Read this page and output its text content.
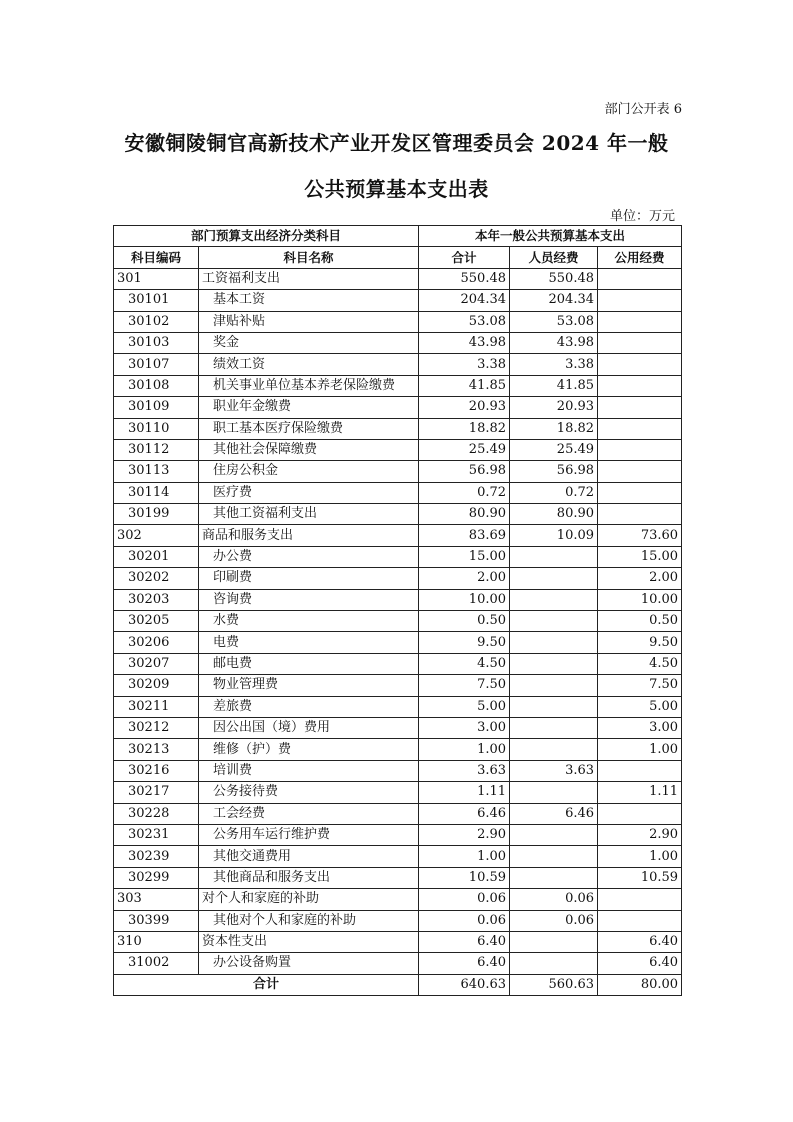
部门公开表 6
安徽铜陵铜官高新技术产业开发区管理委员会 2024 年一般
公共预算基本支出表
单位：万元
部门预算支出经济分类科目		本年一般公共预算基本支出		
科目编码	科目名称	合计	人员经费	公用经费
301	工资福利支出	550.48	550.48	
30101	基本工资	204.34	204.34	
30102	津贴补贴	53.08	53.08	
30103	奖金	43.98	43.98	
30107	绩效工资	3.38	3.38	
30108	机关事业单位基本养老保险缴费	41.85	41.85	
30109	职业年金缴费	20.93	20.93	
30110	职工基本医疗保险缴费	18.82	18.82	
30112	其他社会保障缴费	25.49	25.49	
30113	住房公积金	56.98	56.98	
30114	医疗费	0.72	0.72	
30199	其他工资福利支出	80.90	80.90	
302	商品和服务支出	83.69	10.09	73.60
30201	办公费	15.00		15.00
30202	印刷费	2.00		2.00
30203	咨询费	10.00		10.00
30205	水费	0.50		0.50
30206	电费	9.50		9.50
30207	邮电费	4.50		4.50
30209	物业管理费	7.50		7.50
30211	差旅费	5.00		5.00
30212	因公出国（境）费用	3.00		3.00
30213	维修（护）费	1.00		1.00
30216	培训费	3.63	3.63	
30217	公务接待费	1.11		1.11
30228	工会经费	6.46	6.46	
30231	公务用车运行维护费	2.90		2.90
30239	其他交通费用	1.00		1.00
30299	其他商品和服务支出	10.59		10.59
303	对个人和家庭的补助	0.06	0.06	
30399	其他对个人和家庭的补助	0.06	0.06	
310	资本性支出	6.40		6.40
31002	办公设备购置	6.40		6.40
合计		640.63	560.63	80.00
